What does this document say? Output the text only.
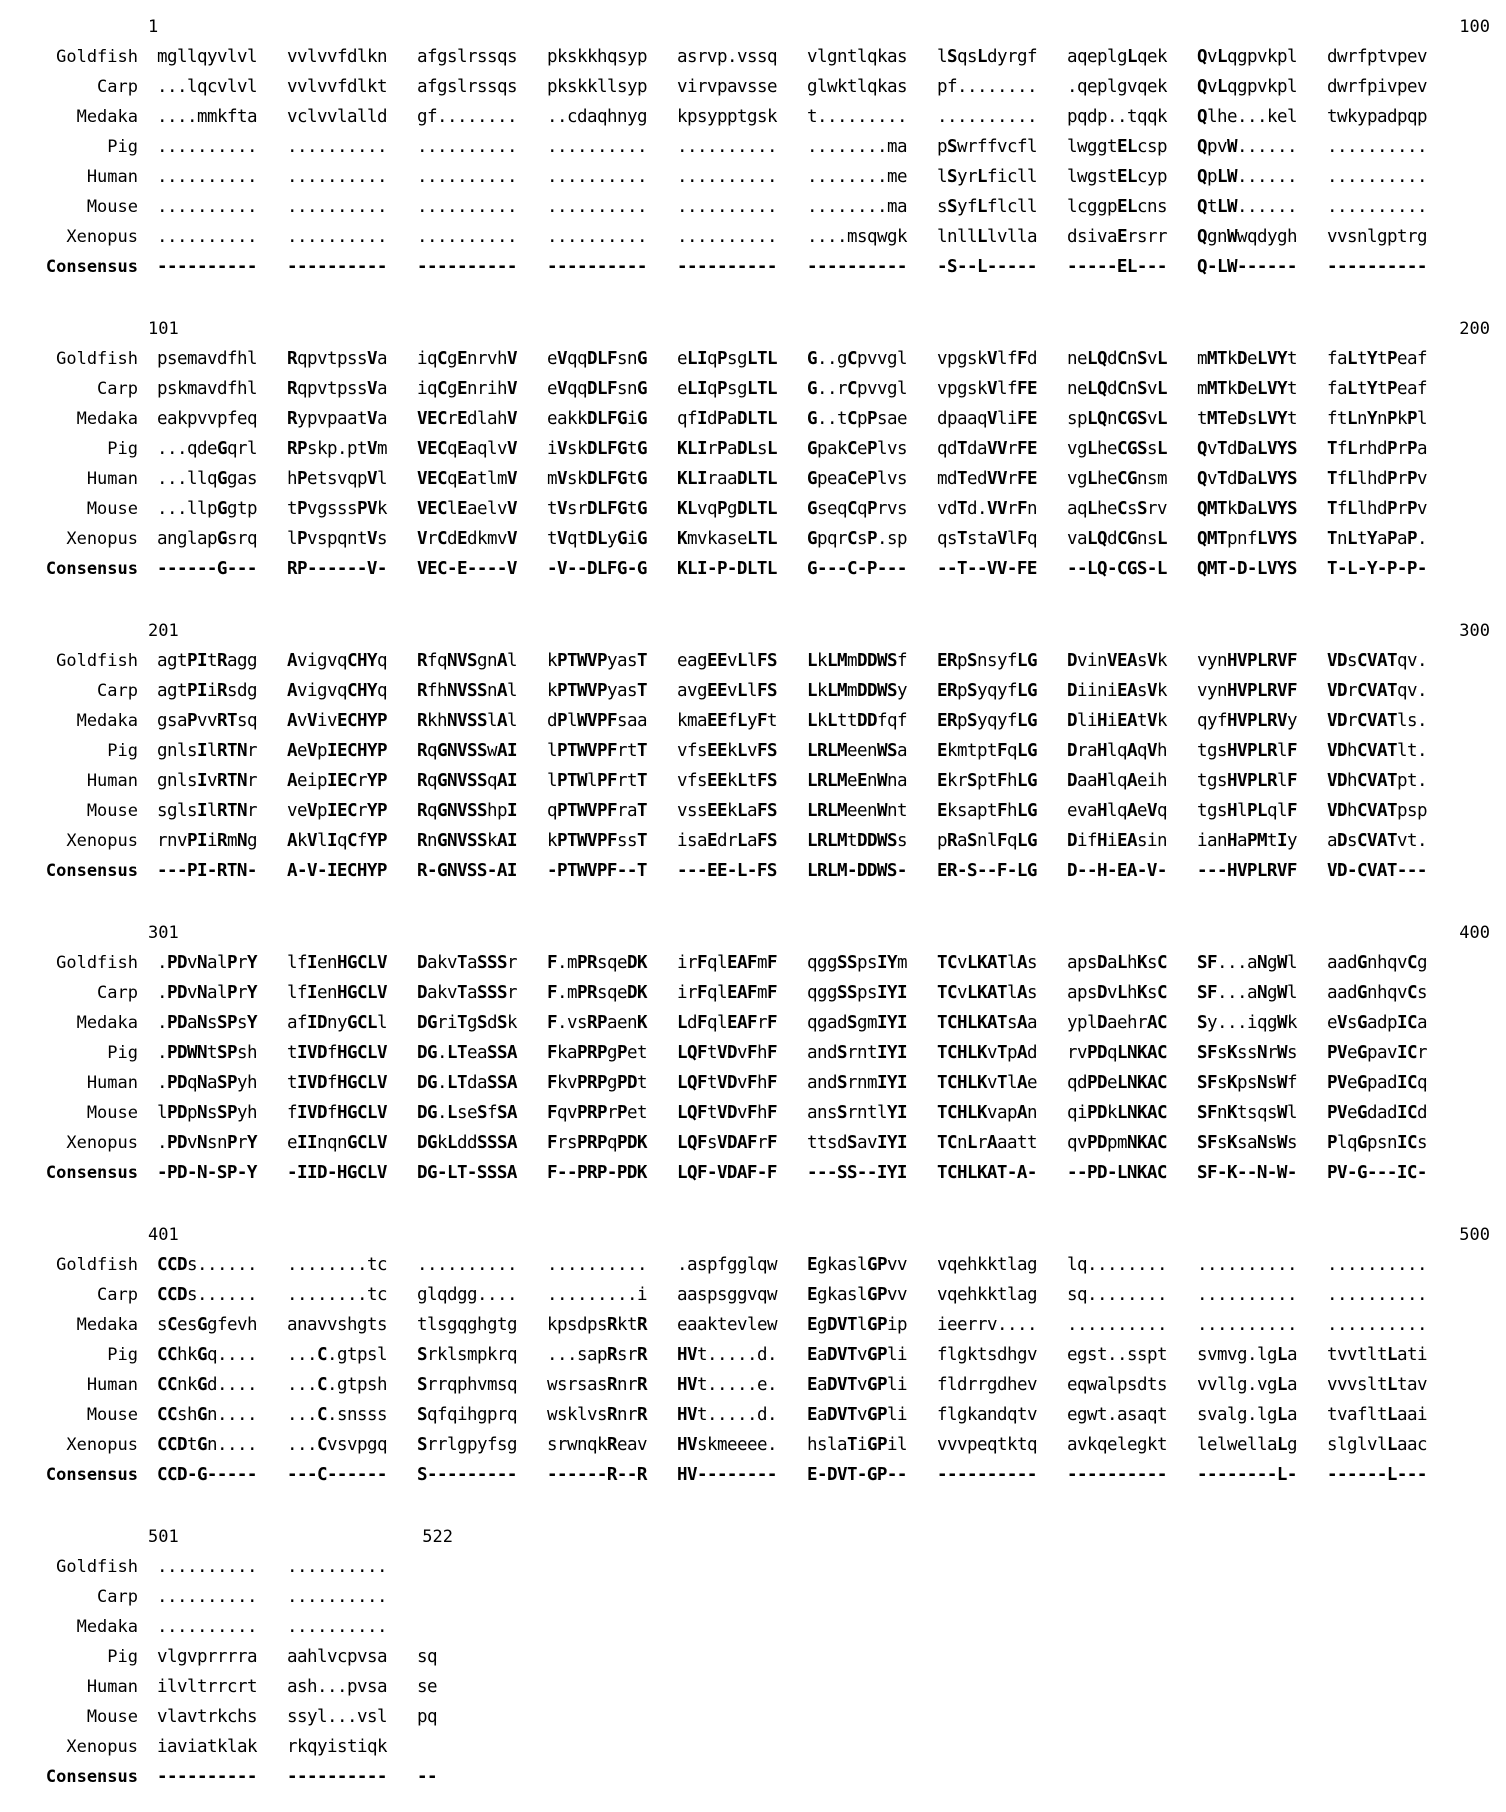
1	100
Goldfish mgllqyvlvl	vvlvvfdlkn	afgslrssqs	pkskkhqsyp	asrvp.vssq	vlgntlqkas	lSqsLdyrgf	aqeplgLqek	QvLqgpvkpl	dwrfptvpev
Carp ...lqcvlvl	vvlvvfdlkt	afgslrssqs	pkskkllsyp	virvpavsse	glwktlqkas	pf........	.qeplgvqek	QvLqgpvkpl	dwrfpivpev
Medaka ....mmkfta	vclvvlalld	gf........	..cdaqhnyg	kpsypptgsk	t.........	..........	pqdp..tqqk	Qlhe...kel	twkypadpqp
Pig ..........	..........	..........	..........	..........	........ma	pSwrffvcfl	lwggtELcsp	QpvW......	..........
Human ..........	..........	..........	..........	..........	........me	lSyrLficll	lwgstELcyp	QpLW......	..........
Mouse ..........	..........	..........	..........	..........	........ma	sSyfLflcll	lcggpELcns	QtLW......	..........
Xenopus ..........	..........	..........	..........	..........	....msqwgk	lnllLlvlla	dsivaErsrr	QgnWwqdygh	vvsnlgptrg
Consensus ----------	----------	----------	----------	----------	----------	-S--L-----	-----EL---	Q-LW------	----------
101	200
Goldfish psemavdfhl	RqpvtpssVa	iqCgEnrvhV	eVqqDLFsnG	eLIqPsgLTL	G..gCpvvgl	vpgskVlfFd	neLQdCnSvL	mMTkDeLVYt	faLtYtPeaf
Carp pskmavdfhl	RqpvtpssVa	iqCgEnrihV	eVqqDLFsnG	eLIqPsgLTL	G..rCpvvgl	vpgskVlfFE	neLQdCnSvL	mMTkDeLVYt	faLtYtPeaf
Medaka eakpvvpfeq	RypvpaatVa	VECrEdlahV	eakkDLFGiG	qfIdPaDLTL	G..tCpPsae	dpaaqVliFE	spLQnCGSvL	tMTeDsLVYt	ftLnYnPkPl
Pig ...qdeGqrl	RPskp.ptVm	VECqEaqlvV	iVskDLFGtG	KLIrPaDLsL	GpakCePlvs	qdTdaVVrFE	vgLheCGSsL	QvTdDaLVYS	TfLrhdPrPa
Human ...llqGgas	hPetsvqpVl	VECqEatlmV	mVskDLFGtG	KLIraaDLTL	GpeaCePlvs	mdTedVVrFE	vgLheCGnsm	QvTdDaLVYS	TfLlhdPrPv
Mouse ...llpGgtp	tPvgsssPVk	VEClEaelvV	tVsrDLFGtG	KLvqPgDLTL	GseqCqPrvs	vdTd.VVrFn	aqLheCsSrv	QMTkDaLVYS	TfLlhdPrPv
Xenopus anglapGsrq	lPvspqntVs	VrCdEdkmvV	tVqtDLyGiG	KmvkaseLTL	GpqrCsP.sp	qsTstaVlFq	vaLQdCGnsL	QMTpnfLVYS	TnLtYaPaP.
Consensus ------G---	RP------V-	VEC-E----V	-V--DLFG-G	KLI-P-DLTL	G---C-P---	--T--VV-FE	--LQ-CGS-L	QMT-D-LVYS	T-L-Y-P-P-
201	300
Goldfish agtPItRagg	AvigvqCHYq	RfqNVSgnAl	kPTWVPyasT	eagEEvLlFS	LkLMmDDWSf	ERpSnsyfLG	DvinVEAsVk	vynHVPLRVF	VDsCVATqv.
Carp agtPIiRsdg	AvigvqCHYq	RfhNVSSnAl	kPTWVPyasT	avgEEvLlFS	LkLMmDDWSy	ERpSyqyfLG	DiiniEAsVk	vynHVPLRVF	VDrCVATqv.
Medaka gsaPvvRTsq	AvVivECHYP	RkhNVSSlAl	dPlWVPFsaa	kmaEEfLyFt	LkLttDDfqf	ERpSyqyfLG	DliHiEAtVk	qyfHVPLRVy	VDrCVATls.
Pig gnlsIlRTNr	AeVpIECHYP	RqGNVSSwAI	lPTWVPFrtT	vfsEEkLvFS	LRLMeenWSa	EkmtptFqLG	DraHlqAqVh	tgsHVPLRlF	VDhCVATlt.
Human gnlsIvRTNr	AeipIECrYP	RqGNVSSqAI	lPTWlPFrtT	vfsEEkLtFS	LRLMeEnWna	EkrSptFhLG	DaaHlqAeih	tgsHVPLRlF	VDhCVATpt.
Mouse sglsIlRTNr	veVpIECrYP	RqGNVSShpI	qPTWVPFraT	vssEEkLaFS	LRLMeenWnt	EksaptFhLG	evaHlqAeVq	tgsHlPLqlF	VDhCVATpsp
Xenopus rnvPIiRmNg	AkVlIqCfYP	RnGNVSSkAI	kPTWVPFssT	isaEdrLaFS	LRLMtDDWSs	pRaSnlFqLG	DifHiEAsin	ianHaPMtIy	aDsCVATvt.
Consensus ---PI-RTN-	A-V-IECHYP	R-GNVSS-AI	-PTWVPF--T	---EE-L-FS	LRLM-DDWS-	ER-S--F-LG	D--H-EA-V-	---HVPLRVF	VD-CVAT---
301	400
Goldfish .PDvNalPrY	lfIenHGCLV	DakvTaSSSr	F.mPRsqeDK	irFqlEAFmF	qggSSpsIYm	TCvLKATlAs	apsDaLhKsC	SF...aNgWl	aadGnhqvCg
Carp .PDvNalPrY	lfIenHGCLV	DakvTaSSSr	F.mPRsqeDK	irFqlEAFmF	qggSSpsIYI	TCvLKATlAs	apsDvLhKsC	SF...aNgWl	aadGnhqvCs
Medaka .PDaNsSPsY	afIDnyGCLl	DGriTgSdSk	F.vsRPaenK	LdFqlEAFrF	qgadSgmIYI	TCHLKATsAa	yplDaehrAC	Sy...iqgWk	eVsGadpICa
Pig .PDWNtSPsh	tIVDfHGCLV	DG.LTeaSSA	FkaPRPgPet	LQFtVDvFhF	andSrntIYI	TCHLKvTpAd	rvPDqLNKAC	SFsKssNrWs	PVeGpavICr
Human .PDqNaSPyh	tIVDfHGCLV	DG.LTdaSSA	FkvPRPgPDt	LQFtVDvFhF	andSrnmIYI	TCHLKvTlAe	qdPDeLNKAC	SFsKpsNsWf	PVeGpadICq
Mouse lPDpNsSPyh	fIVDfHGCLV	DG.LseSfSA	FqvPRPrPet	LQFtVDvFhF	ansSrntlYI	TCHLKvapAn	qiPDkLNKAC	SFnKtsqsWl	PVeGdadICd
Xenopus .PDvNsnPrY	eIInqnGCLV	DGkLddSSSA	FrsPRPqPDK	LQFsVDAFrF	ttsdSavIYI	TCnLrAaatt	qvPDpmNKAC	SFsKsaNsWs	PlqGpsnICs
Consensus -PD-N-SP-Y	-IID-HGCLV	DG-LT-SSSA	F--PRP-PDK	LQF-VDAF-F	---SS--IYI	TCHLKAT-A-	--PD-LNKAC	SF-K--N-W-	PV-G---IC-
401	500
Goldfish CCDs......	........tc	..........	..........	.aspfgglqw	EgkaslGPvv	vqehkktlag	lq........	..........	..........
Carp CCDs......	........tc	glqdgg....	.........i	aaspsggvqw	EgkaslGPvv	vqehkktlag	sq........	..........	..........
Medaka sCesGgfevh	anavvshgts	tlsgqghgtg	kpsdpsRktR	eaaktevlew	EgDVTlGPip	ieerrv....	..........	..........	..........
Pig CChkGq....	...C.gtpsl	Srklsmpkrq	...sapRsrR	HVt.....d.	EaDVTvGPli	flgktsdhgv	egst..sspt	svmvg.lgLa	tvvtltLati
Human CCnkGd....	...C.gtpsh	Srrqphvmsq	wsrsasRnrR	HVt.....e.	EaDVTvGPli	fldrrgdhev	eqwalpsdts	vvllg.vgLa	vvvsltLtav
Mouse CCshGn....	...C.snsss	Sqfqihgprq	wsklvsRnrR	HVt.....d.	EaDVTvGPli	flgkandqtv	egwt.asaqt	svalg.lgLa	tvafltLaai
Xenopus CCDtGn....	...Cvsvpgq	Srrlgpyfsg	srwnqkReav	HVskmeeee.	hslaTiGPil	vvvpeqtktq	avkqelegkt	lelwellaLg	slglvlLaac
Consensus CCD-G-----	---C------	S---------	------R--R	HV--------	E-DVT-GP--	----------	----------	--------L-	------L---
501	522
Goldfish ..........	..........
Carp ..........	..........
Medaka ..........	..........
Pig vlgvprrrra	aahlvcpvsa	sq
Human ilvltrrcrt	ash...pvsa	se
Mouse vlavtrkchs	ssyl...vsl	pq
Xenopus iaviatklak	rkqyistiqk
Consensus ----------	----------	--
